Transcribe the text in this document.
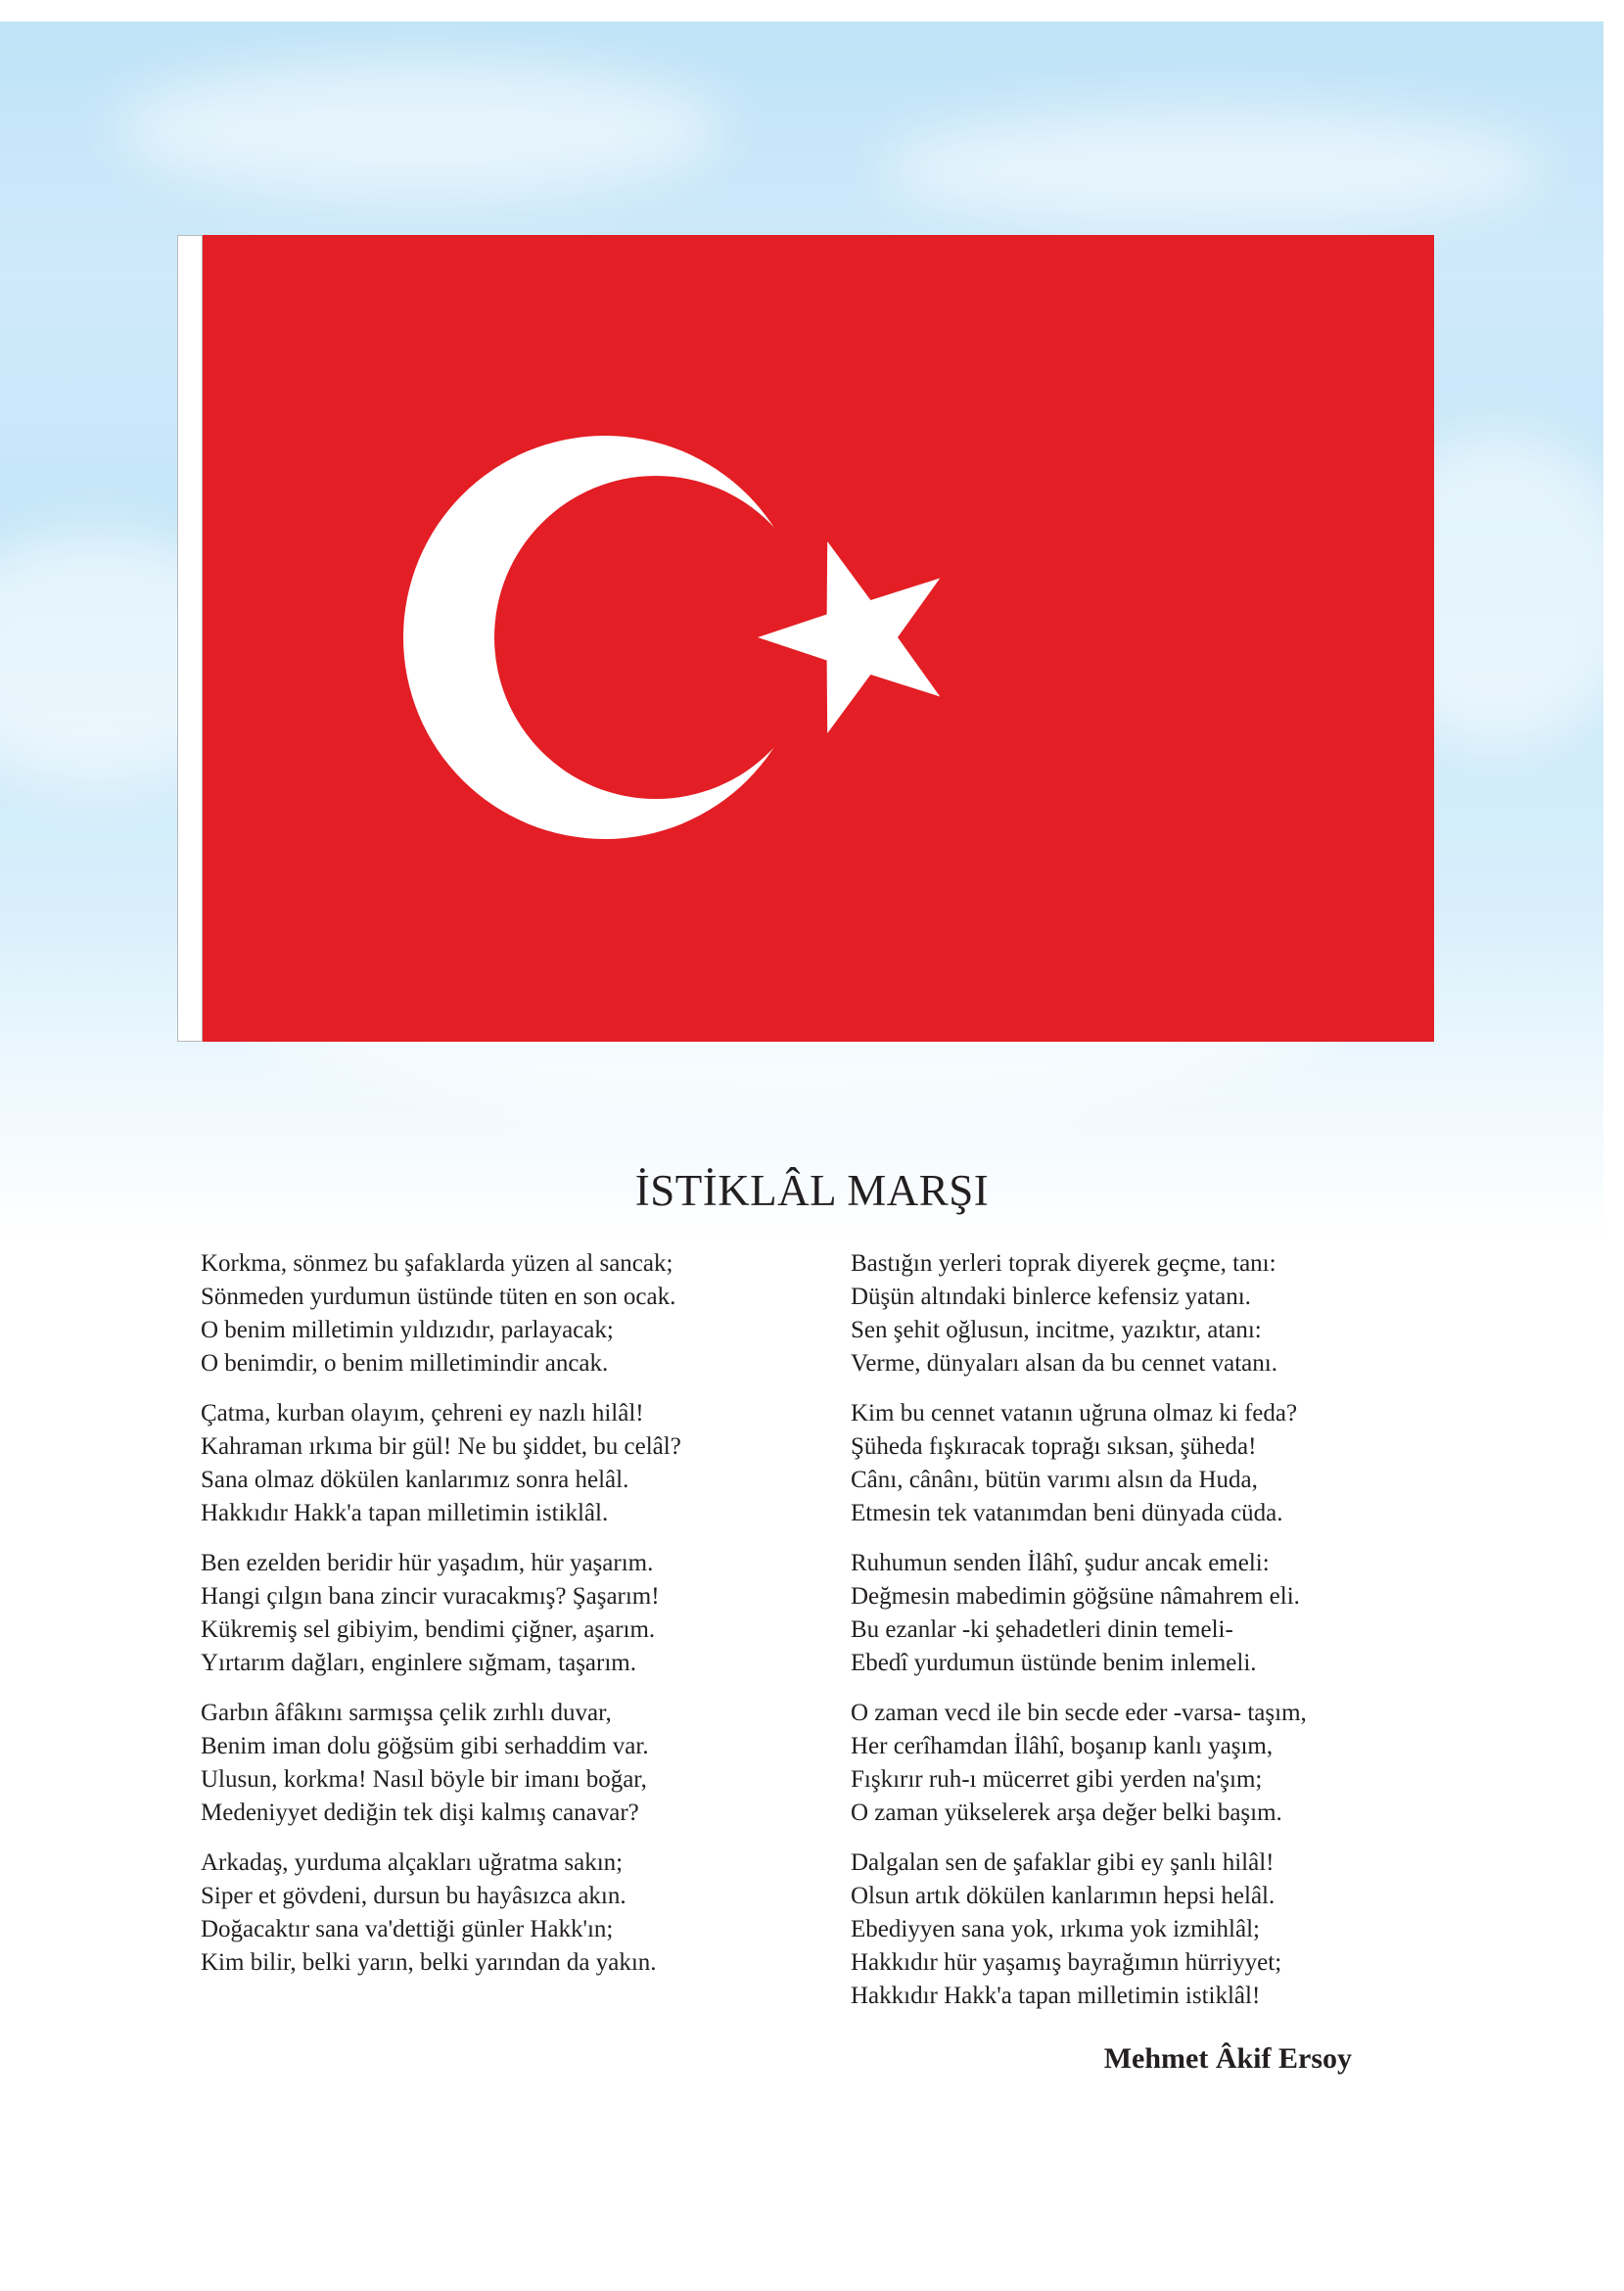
İSTİKLÂL MARŞI
Korkma, sönmez bu şafaklarda yüzen al sancak;
Sönmeden yurdumun üstünde tüten en son ocak.
O benim milletimin yıldızıdır, parlayacak;
O benimdir, o benim milletimindir ancak.
Çatma, kurban olayım, çehreni ey nazlı hilâl!
Kahraman ırkıma bir gül! Ne bu şiddet, bu celâl?
Sana olmaz dökülen kanlarımız sonra helâl.
Hakkıdır Hakk'a tapan milletimin istiklâl.
Ben ezelden beridir hür yaşadım, hür yaşarım.
Hangi çılgın bana zincir vuracakmış? Şaşarım!
Kükremiş sel gibiyim, bendimi çiğner, aşarım.
Yırtarım dağları, enginlere sığmam, taşarım.
Garbın âfâkını sarmışsa çelik zırhlı duvar,
Benim iman dolu göğsüm gibi serhaddim var.
Ulusun, korkma! Nasıl böyle bir imanı boğar,
Medeniyyet dediğin tek dişi kalmış canavar?
Arkadaş, yurduma alçakları uğratma sakın;
Siper et gövdeni, dursun bu hayâsızca akın.
Doğacaktır sana va'dettiği günler Hakk'ın;
Kim bilir, belki yarın, belki yarından da yakın.
Bastığın yerleri toprak diyerek geçme, tanı:
Düşün altındaki binlerce kefensiz yatanı.
Sen şehit oğlusun, incitme, yazıktır, atanı:
Verme, dünyaları alsan da bu cennet vatanı.
Kim bu cennet vatanın uğruna olmaz ki feda?
Şüheda fışkıracak toprağı sıksan, şüheda!
Cânı, cânânı, bütün varımı alsın da Huda,
Etmesin tek vatanımdan beni dünyada cüda.
Ruhumun senden İlâhî, şudur ancak emeli:
Değmesin mabedimin göğsüne nâmahrem eli.
Bu ezanlar -ki şehadetleri dinin temeli-
Ebedî yurdumun üstünde benim inlemeli.
O zaman vecd ile bin secde eder -varsa- taşım,
Her cerîhamdan İlâhî, boşanıp kanlı yaşım,
Fışkırır ruh-ı mücerret gibi yerden na'şım;
O zaman yükselerek arşa değer belki başım.
Dalgalan sen de şafaklar gibi ey şanlı hilâl!
Olsun artık dökülen kanlarımın hepsi helâl.
Ebediyyen sana yok, ırkıma yok izmihlâl;
Hakkıdır hür yaşamış bayrağımın hürriyyet;
Hakkıdır Hakk'a tapan milletimin istiklâl!
Mehmet Âkif Ersoy
